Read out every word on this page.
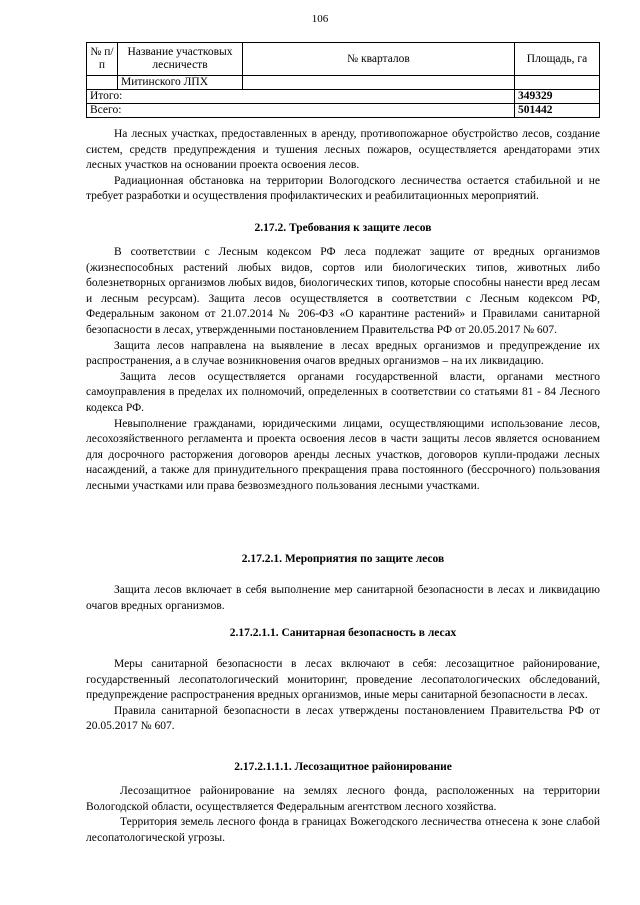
106
№ п/п	Название участковых лесничеств	№ кварталов	Площадь, га
	Митинского ЛПХ		
Итого:			349329
Всего:			501442

На лесных участках, предоставленных в аренду, противопожарное обустройство лесов, создание систем, средств предупреждения и тушения лесных пожаров, осуществляется арендаторами этих лесных участков на основании проекта освоения лесов.

Радиационная обстановка на территории Вологодского лесничества остается стабильной и не требует разработки и осуществления профилактических и реабилитационных мероприятий.

2.17.2. Требования к защите лесов

В соответствии с Лесным кодексом РФ леса подлежат защите от вредных организмов (жизнеспособных растений любых видов, сортов или биологических типов, животных либо болезнетворных организмов любых видов, биологических типов, которые способны нанести вред лесам и лесным ресурсам). Защита лесов осуществляется в соответствии с Лесным кодексом РФ, Федеральным законом от 21.07.2014 № 206-ФЗ «О карантине растений» и Правилами санитарной безопасности в лесах, утвержденными постановлением Правительства РФ от 20.05.2017 № 607.

Защита лесов направлена на выявление в лесах вредных организмов и предупреждение их распространения, а в случае возникновения очагов вредных организмов – на их ликвидацию.

Защита лесов осуществляется органами государственной власти, органами местного самоуправления в пределах их полномочий, определенных в соответствии со статьями 81 - 84 Лесного кодекса РФ.

Невыполнение гражданами, юридическими лицами, осуществляющими использование лесов, лесохозяйственного регламента и проекта освоения лесов в части защиты лесов является основанием для досрочного расторжения договоров аренды лесных участков, договоров купли-продажи лесных насаждений, а также для принудительного прекращения права постоянного (бессрочного) пользования лесными участками или права безвозмездного пользования лесными участками.

2.17.2.1. Мероприятия по защите лесов

Защита лесов включает в себя выполнение мер санитарной безопасности в лесах и ликвидацию очагов вредных организмов.

2.17.2.1.1. Санитарная безопасность в лесах

Меры санитарной безопасности в лесах включают в себя: лесозащитное районирование, государственный лесопатологический мониторинг, проведение лесопатологических обследований, предупреждение распространения вредных организмов, иные меры санитарной безопасности в лесах.

Правила санитарной безопасности в лесах утверждены постановлением Правительства РФ от 20.05.2017 № 607.

2.17.2.1.1.1. Лесозащитное районирование

Лесозащитное районирование на землях лесного фонда, расположенных на территории Вологодской области, осуществляется Федеральным агентством лесного хозяйства.

Территория земель лесного фонда в границах Вожегодского лесничества отнесена к зоне слабой лесопатологической угрозы.
